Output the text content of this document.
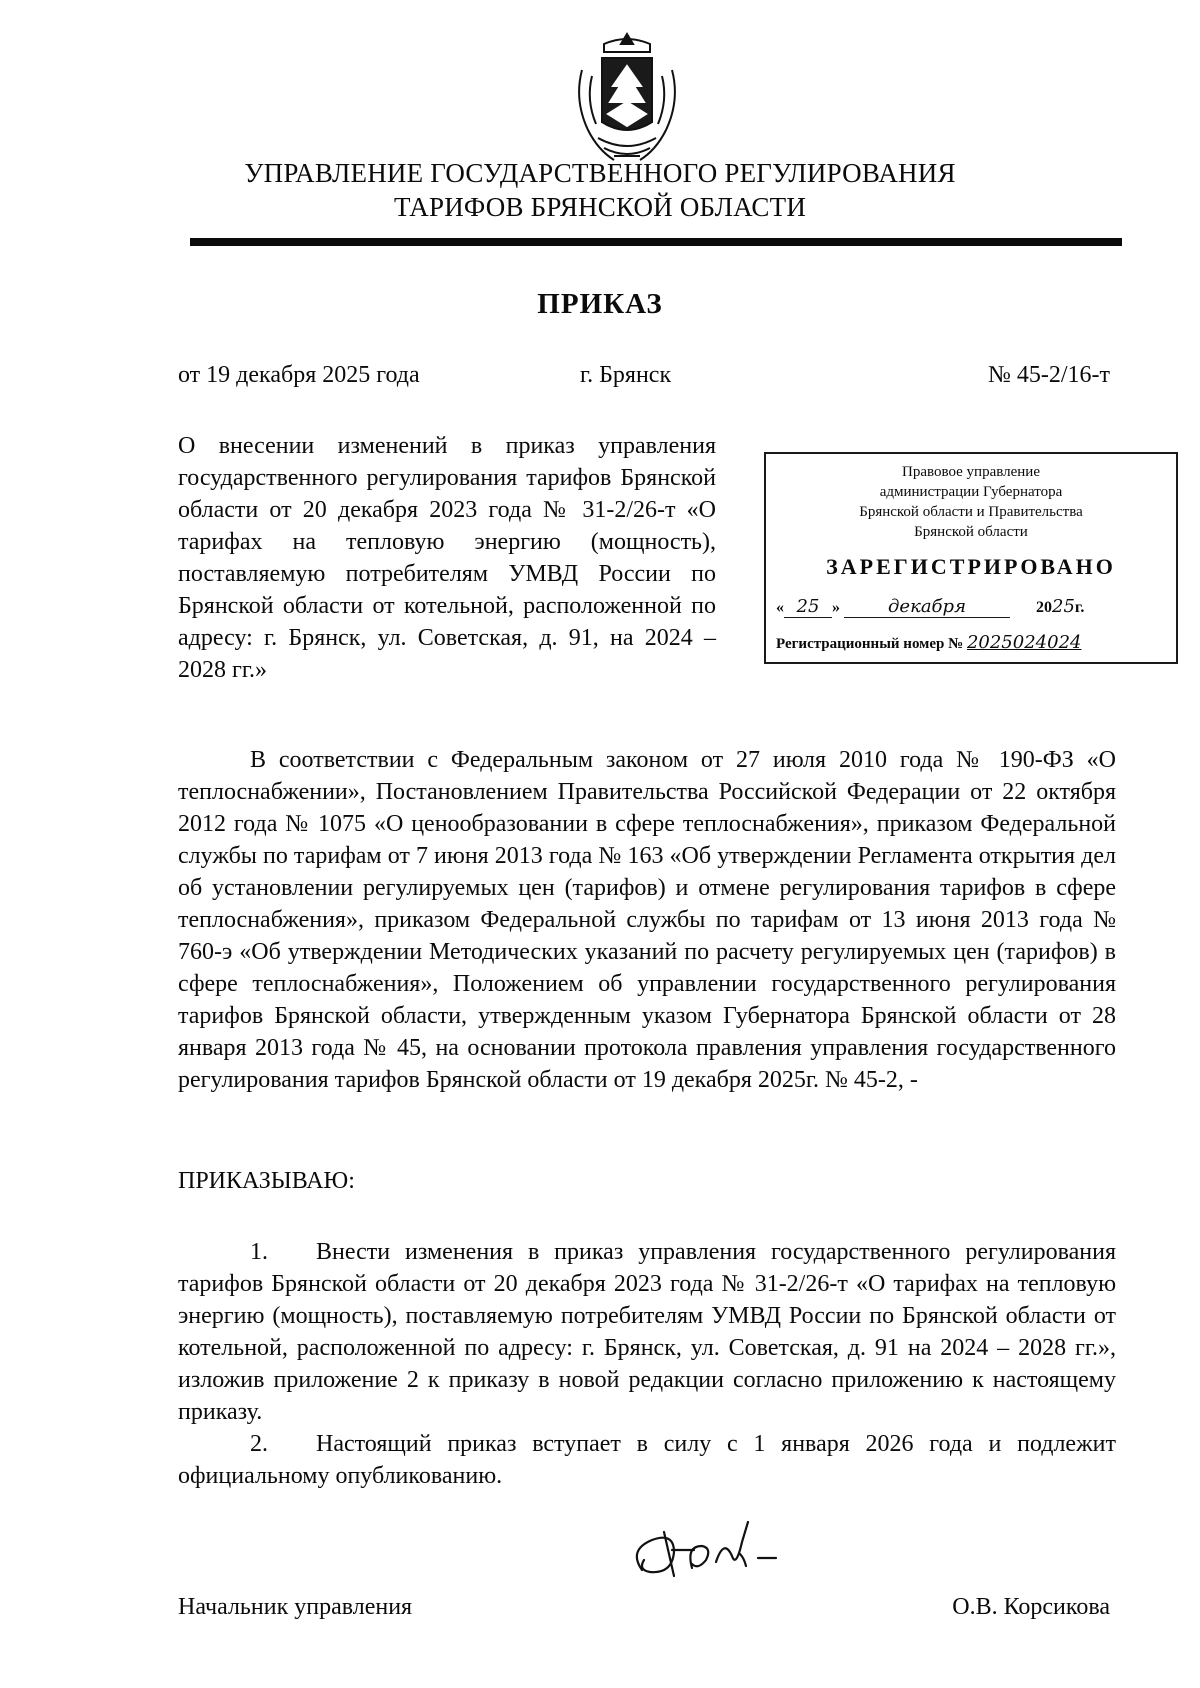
УПРАВЛЕНИЕ ГОСУДАРСТВЕННОГО РЕГУЛИРОВАНИЯ
ТАРИФОВ БРЯНСКОЙ ОБЛАСТИ
ПРИКАЗ
от 19 декабря 2025 года	г. Брянск	№ 45-2/16-т
О внесении изменений в приказ управления государственного регулирования тарифов Брянской области от 20 декабря 2023 года № 31-2/26-т «О тарифах на тепловую энергию (мощность), поставляемую потребителям УМВД России по Брянской области от котельной, расположенной по адресу: г. Брянск, ул. Советская, д. 91, на 2024 – 2028 гг.»
Правовое управление
администрации Губернатора
Брянской области и Правительства
Брянской области
ЗАРЕГИСТРИРОВАНО
« 25 »	декабря	2025г.
Регистрационный номер № 2025024024
В соответствии с Федеральным законом от 27 июля 2010 года № 190-ФЗ «О теплоснабжении», Постановлением Правительства Российской Федерации от 22 октября 2012 года № 1075 «О ценообразовании в сфере теплоснабжения», приказом Федеральной службы по тарифам от 7 июня 2013 года № 163 «Об утверждении Регламента открытия дел об установлении регулируемых цен (тарифов) и отмене регулирования тарифов в сфере теплоснабжения», приказом Федеральной службы по тарифам от 13 июня 2013 года № 760-э «Об утверждении Методических указаний по расчету регулируемых цен (тарифов) в сфере теплоснабжения», Положением об управлении государственного регулирования тарифов Брянской области, утвержденным указом Губернатора Брянской области от 28 января 2013 года № 45, на основании протокола правления управления государственного регулирования тарифов Брянской области от 19 декабря 2025г. № 45-2, -
ПРИКАЗЫВАЮ:
1. Внести изменения в приказ управления государственного регулирования тарифов Брянской области от 20 декабря 2023 года № 31-2/26-т «О тарифах на тепловую энергию (мощность), поставляемую потребителям УМВД России по Брянской области от котельной, расположенной по адресу: г. Брянск, ул. Советская, д. 91 на 2024 – 2028 гг.», изложив приложение 2 к приказу в новой редакции согласно приложению к настоящему приказу.
2. Настоящий приказ вступает в силу с 1 января 2026 года и подлежит официальному опубликованию.
Начальник управления	О.В. Корсикова
